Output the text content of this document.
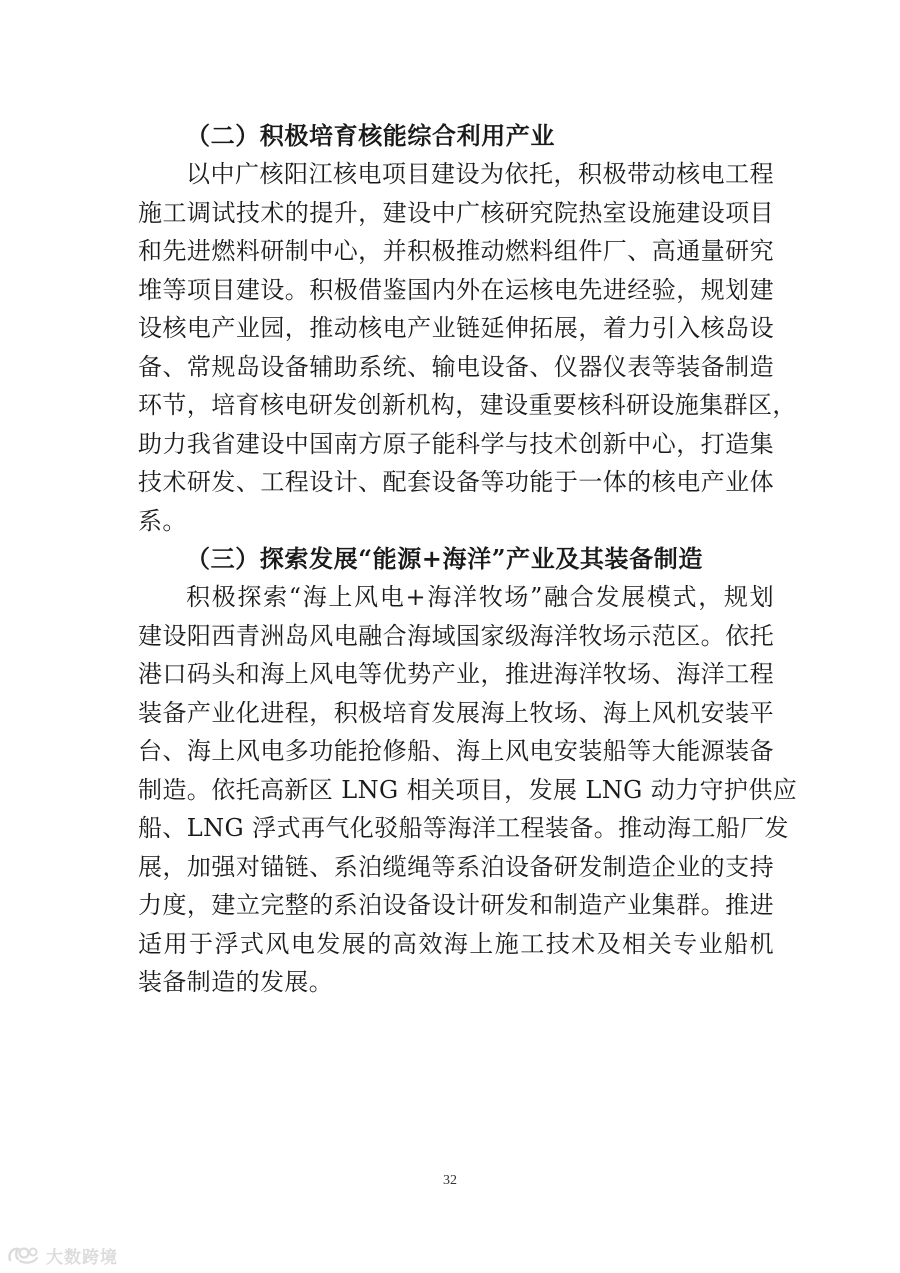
（二）积极培育核能综合利用产业
以中广核阳江核电项目建设为依托，积极带动核电工程
施工调试技术的提升，建设中广核研究院热室设施建设项目
和先进燃料研制中心，并积极推动燃料组件厂、高通量研究
堆等项目建设。积极借鉴国内外在运核电先进经验，规划建
设核电产业园，推动核电产业链延伸拓展，着力引入核岛设
备、常规岛设备辅助系统、输电设备、仪器仪表等装备制造
环节，培育核电研发创新机构，建设重要核科研设施集群区，
助力我省建设中国南方原子能科学与技术创新中心，打造集
技术研发、工程设计、配套设备等功能于一体的核电产业体
系。
（三）探索发展“能源+海洋”产业及其装备制造
积极探索“海上风电+海洋牧场”融合发展模式，规划
建设阳西青洲岛风电融合海域国家级海洋牧场示范区。依托
港口码头和海上风电等优势产业，推进海洋牧场、海洋工程
装备产业化进程，积极培育发展海上牧场、海上风机安装平
台、海上风电多功能抢修船、海上风电安装船等大能源装备
制造。依托高新区 LNG 相关项目，发展 LNG 动力守护供应
船、LNG 浮式再气化驳船等海洋工程装备。推动海工船厂发
展，加强对锚链、系泊缆绳等系泊设备研发制造企业的支持
力度，建立完整的系泊设备设计研发和制造产业集群。推进
适用于浮式风电发展的高效海上施工技术及相关专业船机
装备制造的发展。
32
大数跨境
